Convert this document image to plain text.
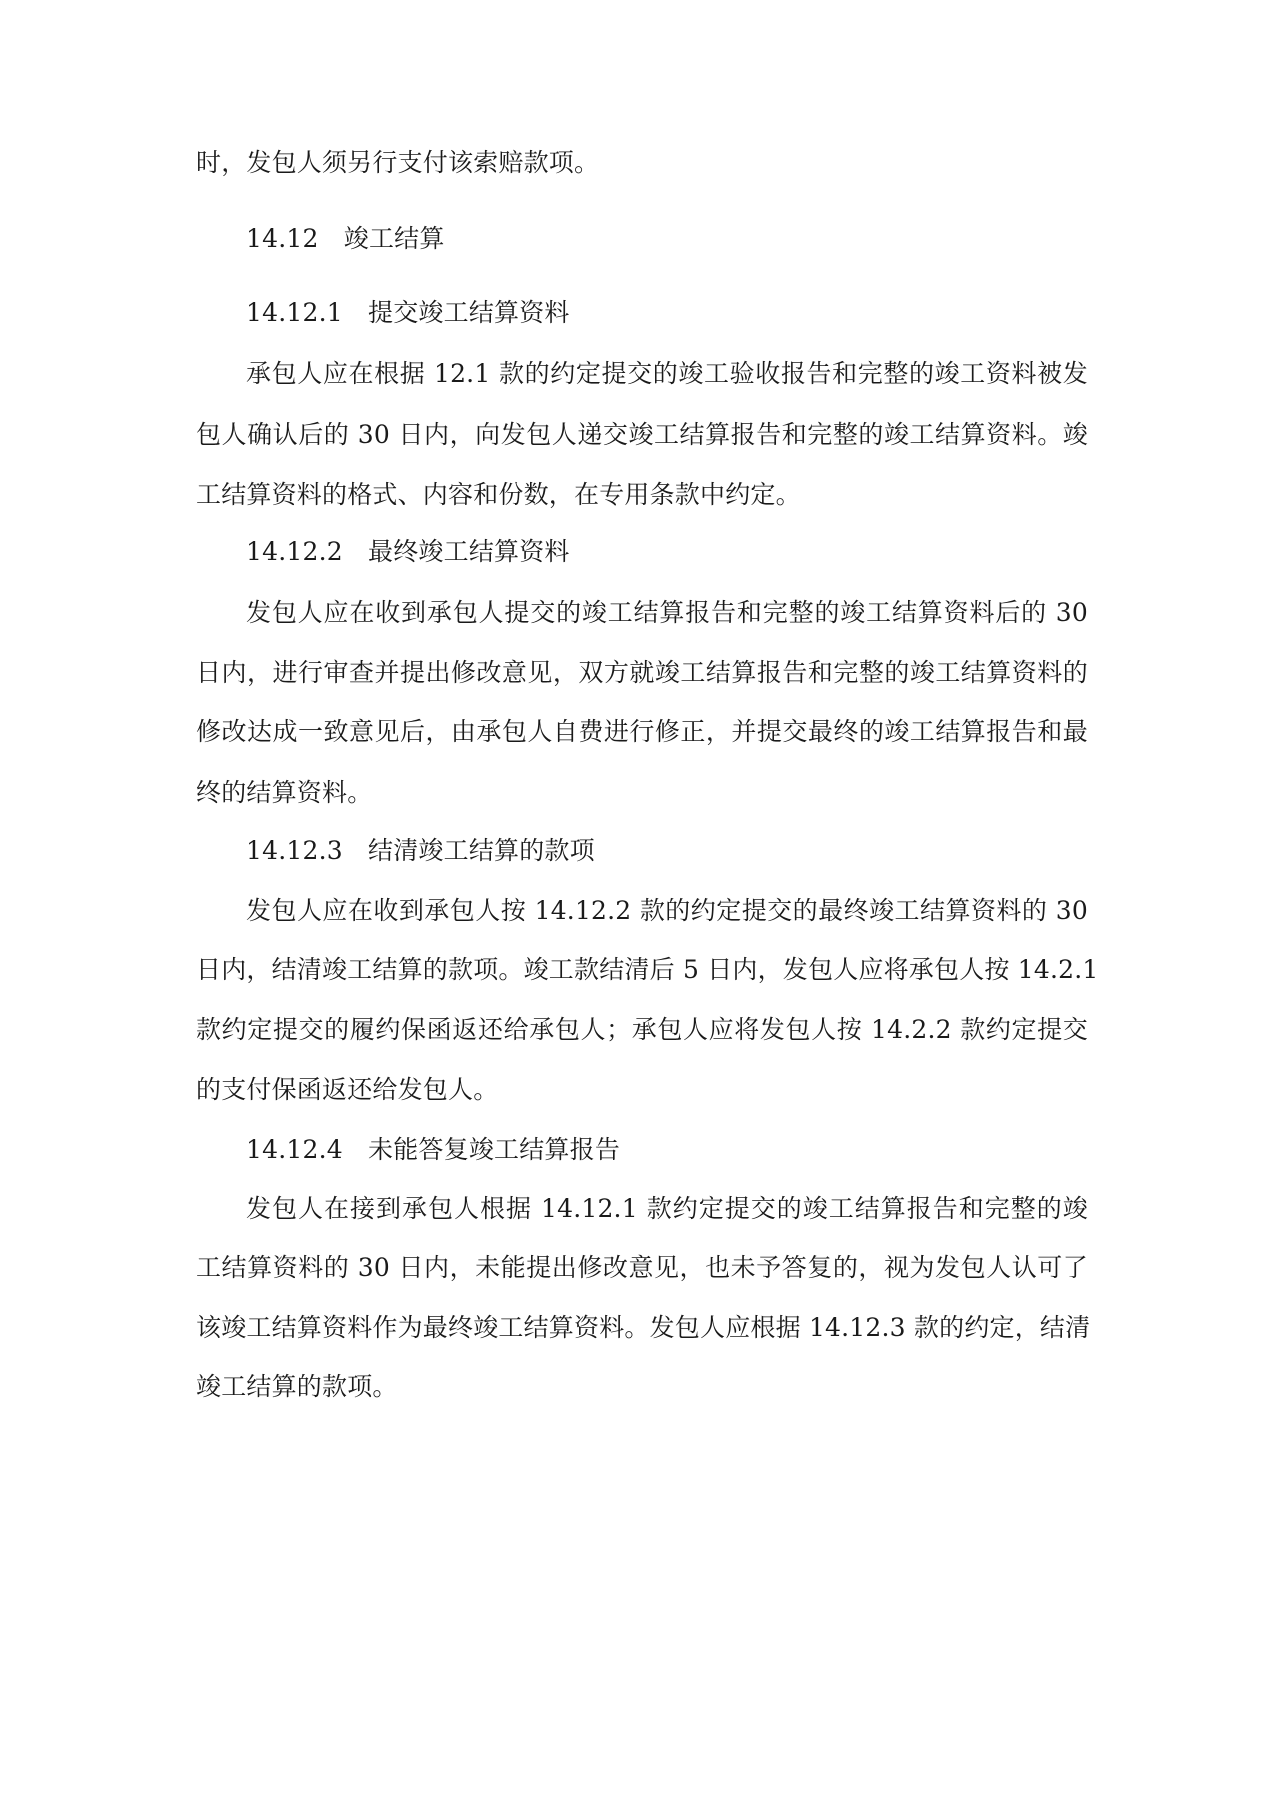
时，发包人须另行支付该索赔款项。
14.12　竣工结算
14.12.1　提交竣工结算资料
承包人应在根据 12.1 款的约定提交的竣工验收报告和完整的竣工资料被发
包人确认后的 30 日内，向发包人递交竣工结算报告和完整的竣工结算资料。竣
工结算资料的格式、内容和份数，在专用条款中约定。
14.12.2　最终竣工结算资料
发包人应在收到承包人提交的竣工结算报告和完整的竣工结算资料后的 30
日内，进行审查并提出修改意见，双方就竣工结算报告和完整的竣工结算资料的
修改达成一致意见后，由承包人自费进行修正，并提交最终的竣工结算报告和最
终的结算资料。
14.12.3　结清竣工结算的款项
发包人应在收到承包人按 14.12.2 款的约定提交的最终竣工结算资料的 30
日内，结清竣工结算的款项。竣工款结清后 5 日内，发包人应将承包人按 14.2.1
款约定提交的履约保函返还给承包人；承包人应将发包人按 14.2.2 款约定提交
的支付保函返还给发包人。
14.12.4　未能答复竣工结算报告
发包人在接到承包人根据 14.12.1 款约定提交的竣工结算报告和完整的竣
工结算资料的 30 日内，未能提出修改意见，也未予答复的，视为发包人认可了
该竣工结算资料作为最终竣工结算资料。发包人应根据 14.12.3 款的约定，结清
竣工结算的款项。
